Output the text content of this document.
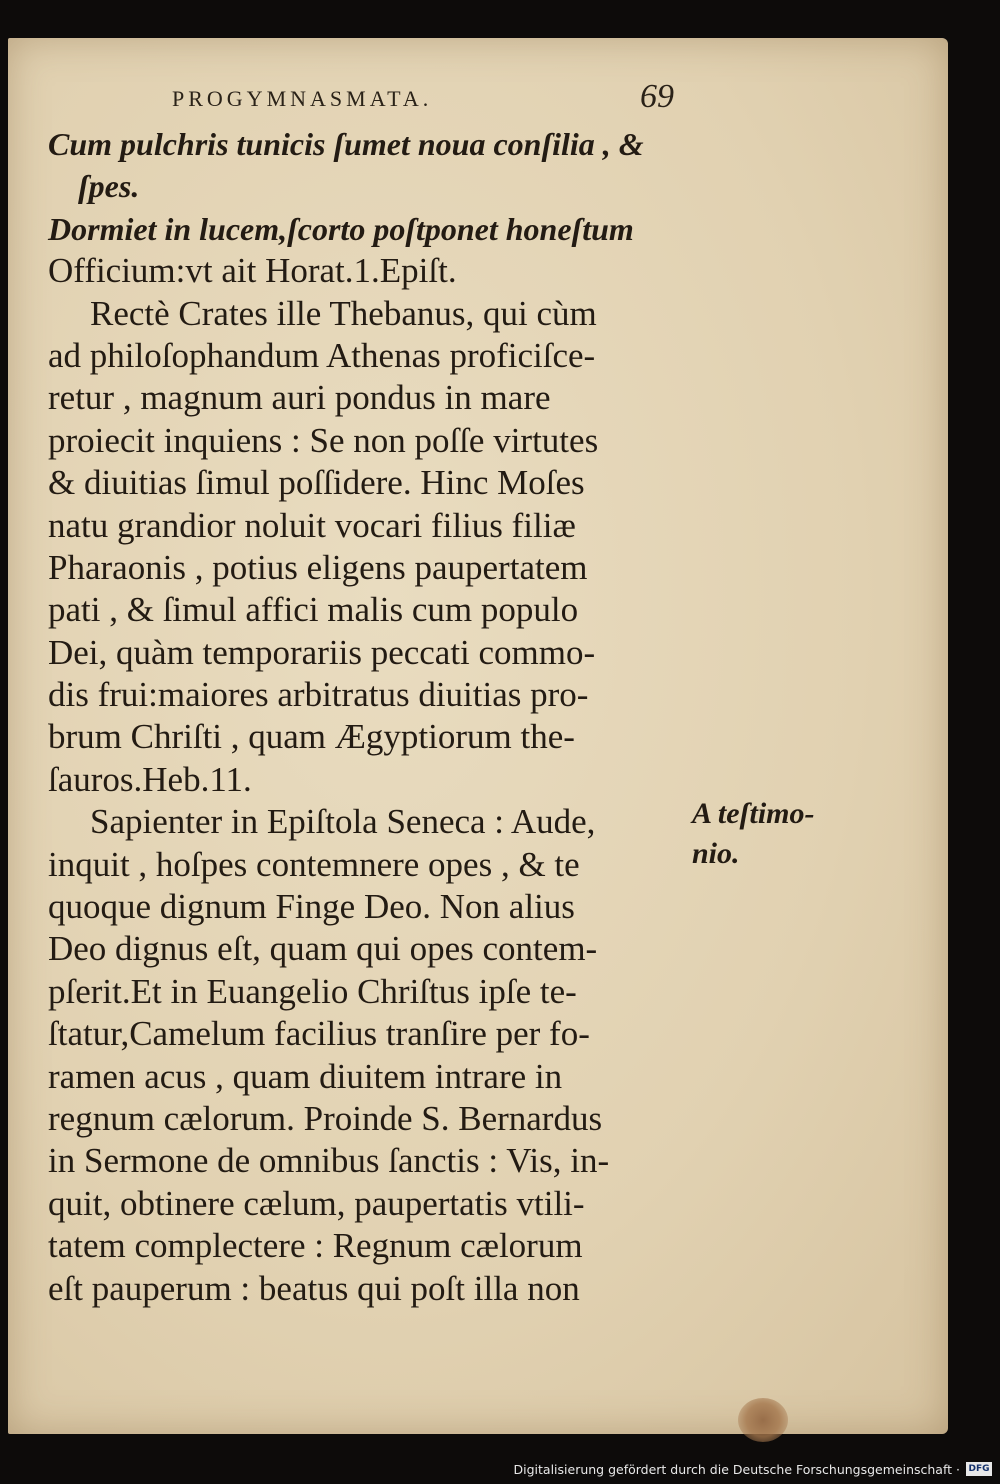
PROGYMNASMATA.	69
Cum pulchris tunicis ſumet noua conſilia , &
ſpes.
Dormiet in lucem,ſcorto poſtponet honeſtum
Officium:vt ait Horat.1.Epiſt.
Rectè Crates ille Thebanus, qui cùm
ad philoſophandum Athenas proficiſce-
retur , magnum auri pondus in mare
proiecit inquiens : Se non poſſe virtutes
& diuitias ſimul poſſidere. Hinc Moſes
natu grandior noluit vocari filius filiæ
Pharaonis , potius eligens paupertatem
pati , & ſimul affici malis cum populo
Dei, quàm temporariis peccati commo-
dis frui:maiores arbitratus diuitias pro-
brum Chriſti , quam Ægyptiorum the-
ſauros.Heb.11.
Sapienter in Epiſtola Seneca : Aude,
inquit , hoſpes contemnere opes , & te
quoque dignum Finge Deo. Non alius
Deo dignus eſt, quam qui opes contem-
pſerit.Et in Euangelio Chriſtus ipſe te-
ſtatur,Camelum facilius tranſire per fo-
ramen acus , quam diuitem intrare in
regnum cælorum. Proinde S. Bernardus
in Sermone de omnibus ſanctis : Vis, in-
quit, obtinere cælum, paupertatis vtili-
tatem complectere : Regnum cælorum
eſt pauperum : beatus qui poſt illa non
A teſtimo-
nio.
Digitalisierung gefördert durch die Deutsche Forschungsgemeinschaft · DFG
